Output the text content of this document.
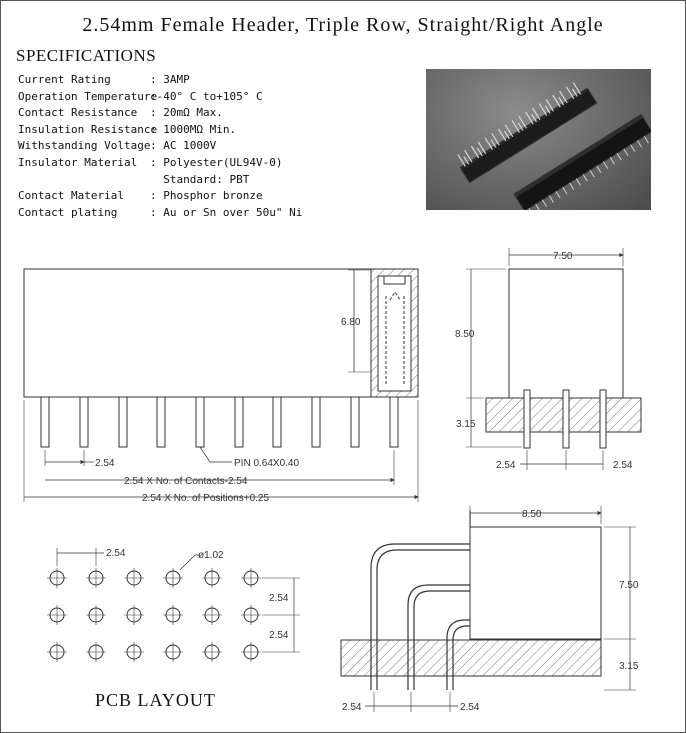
2.54mm Female Header, Triple Row, Straight/Right Angle
SPECIFICATIONS
Current Rating	: 3AMP
Operation Temperature
:-40° C to+105° C
Contact Resistance	: 20mΩ Max.
Insulation Resistance
: 1000MΩ Min.
Withstanding Voltage : AC 1000V
Insulator Material	: Polyester(UL94V-0)
Standard: PBT
Contact Material	: Phosphor bronze
Contact plating	: Au or Sn over 50u" Ni
6.80
2.54	PIN 0.64X0.40
2.54 X No. of Contacts-2.54
2.54 X No. of Positions+0.25
7.50
8.50
3.15
2.54	2.54
2.54	ø1.02
2.54
2.54
8.50
7.50
3.15
2.54	2.54
PCB LAYOUT
